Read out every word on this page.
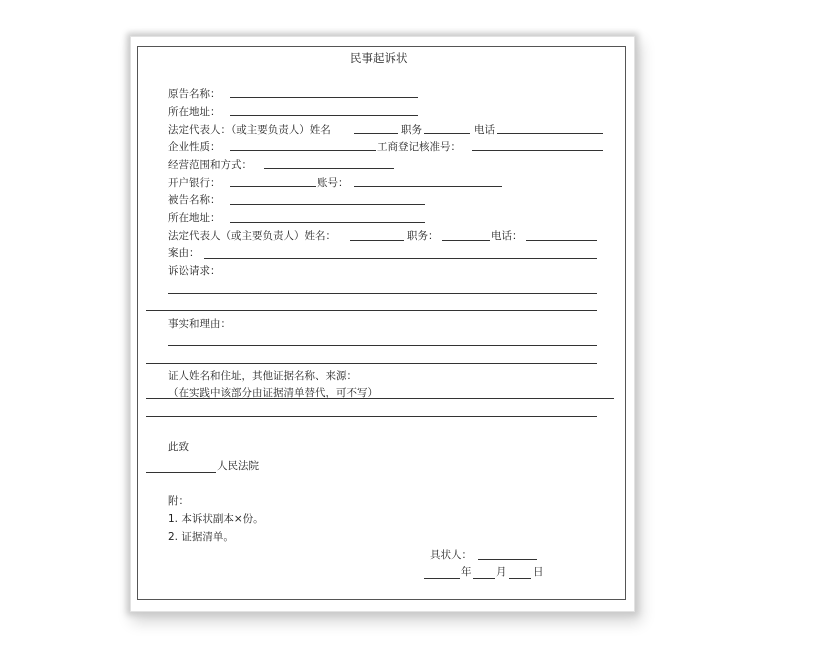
民事起诉状
原告名称：
所在地址：
法定代表人：（或主要负责人）姓名	职务	电话
企业性质：	工商登记核准号：
经营范围和方式：
开户银行：	账号：
被告名称：
所在地址：
法定代表人（或主要负责人）姓名：	职务：	电话：
案由：
诉讼请求：
事实和理由：
证人姓名和住址，其他证据名称、来源：
（在实践中该部分由证据清单替代，可不写）
此致
人民法院
附：
1. 本诉状副本×份。
2. 证据清单。
具状人：
年 月	日
